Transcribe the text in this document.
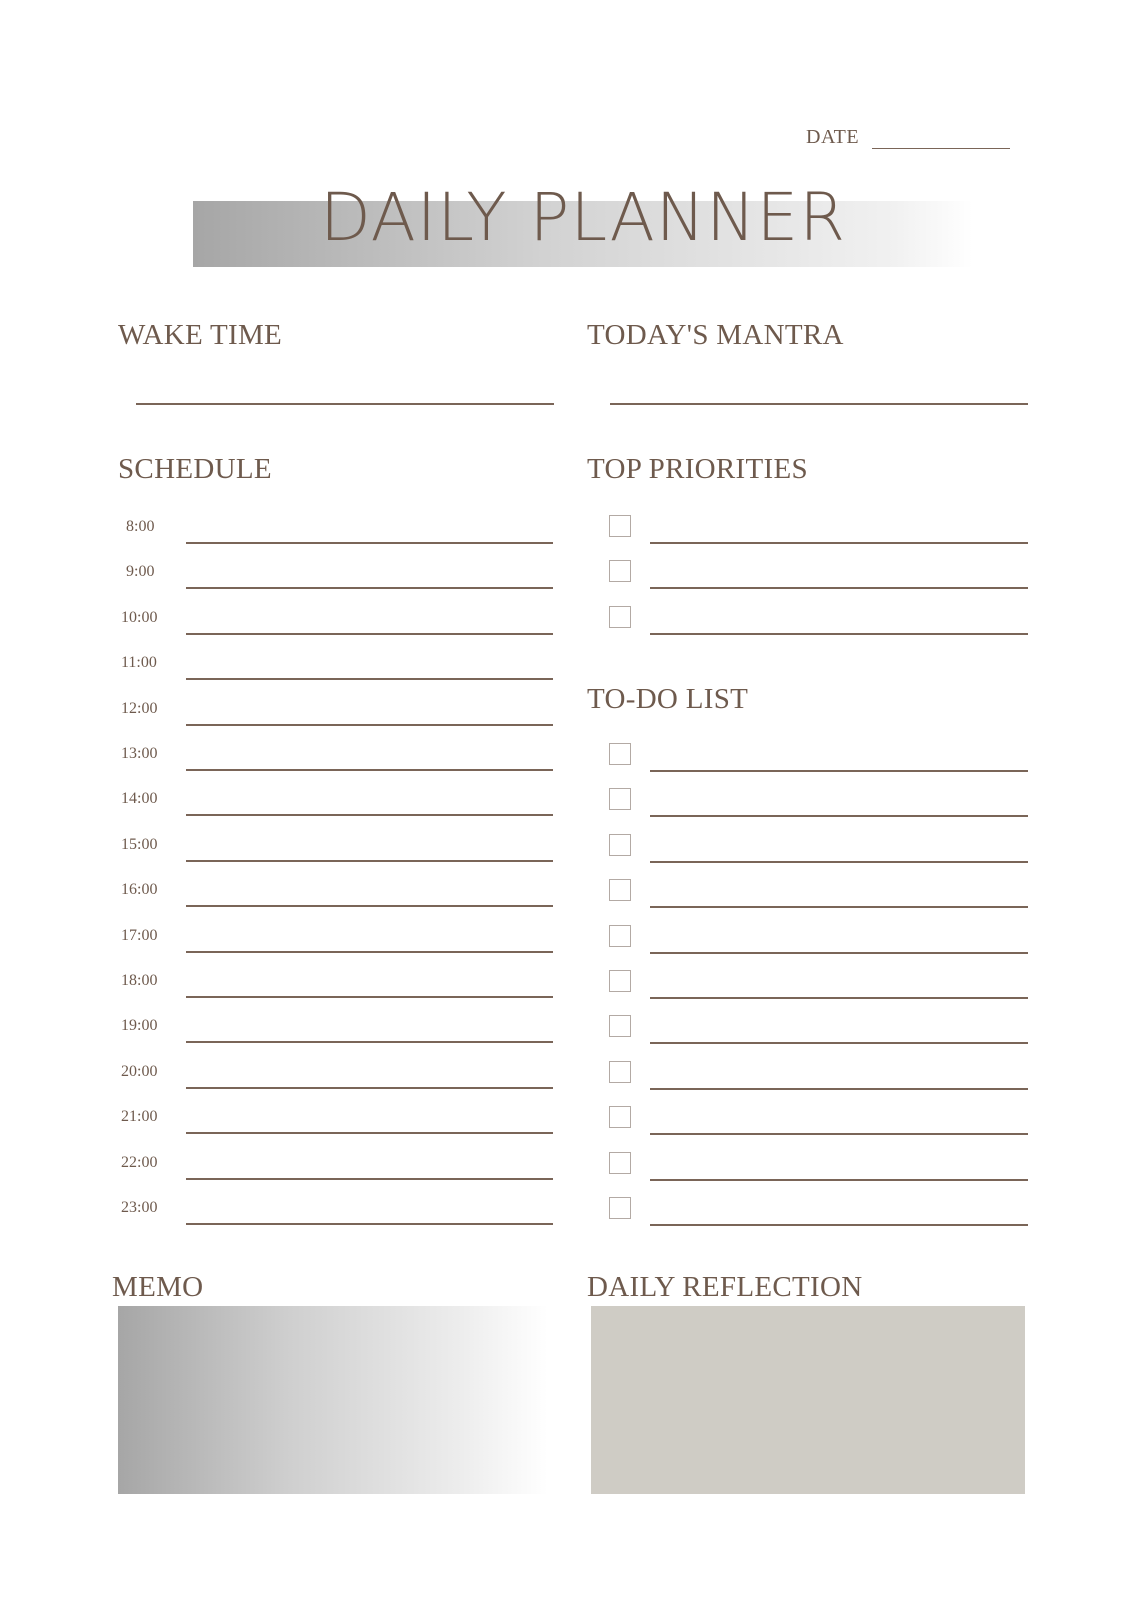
DATE
DAILY PLANNER
WAKE TIME	TODAY'S MANTRA
SCHEDULE
8:00
9:00
10:00
11:00
12:00
13:00
14:00
15:00
16:00
17:00
18:00
19:00
20:00
21:00
22:00
23:00
TOP PRIORITIES
TO-DO LIST
MEMO	DAILY REFLECTION
